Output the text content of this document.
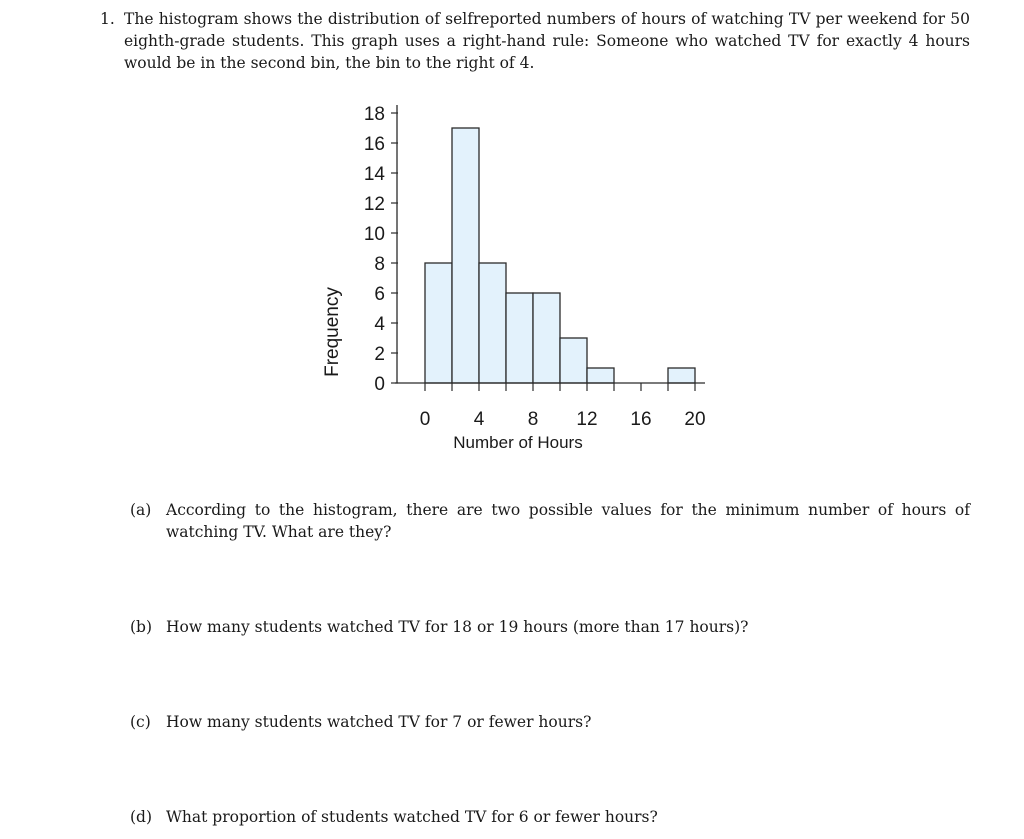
1. The histogram shows the distribution of selfreported numbers of hours of watching TV per weekend for 50 eighth-grade students. This graph uses a right-hand rule: Someone who watched TV for exactly 4 hours would be in the second bin, the bin to the right of 4.
0 4 8 12 16 20
0
2
4
6
8
10
12
14
16
18
Frequency
Number of Hours
(a) According to the histogram, there are two possible values for the minimum number of hours of watching TV. What are they?
(b) How many students watched TV for 18 or 19 hours (more than 17 hours)?
(c) How many students watched TV for 7 or fewer hours?
(d) What proportion of students watched TV for 6 or fewer hours?
